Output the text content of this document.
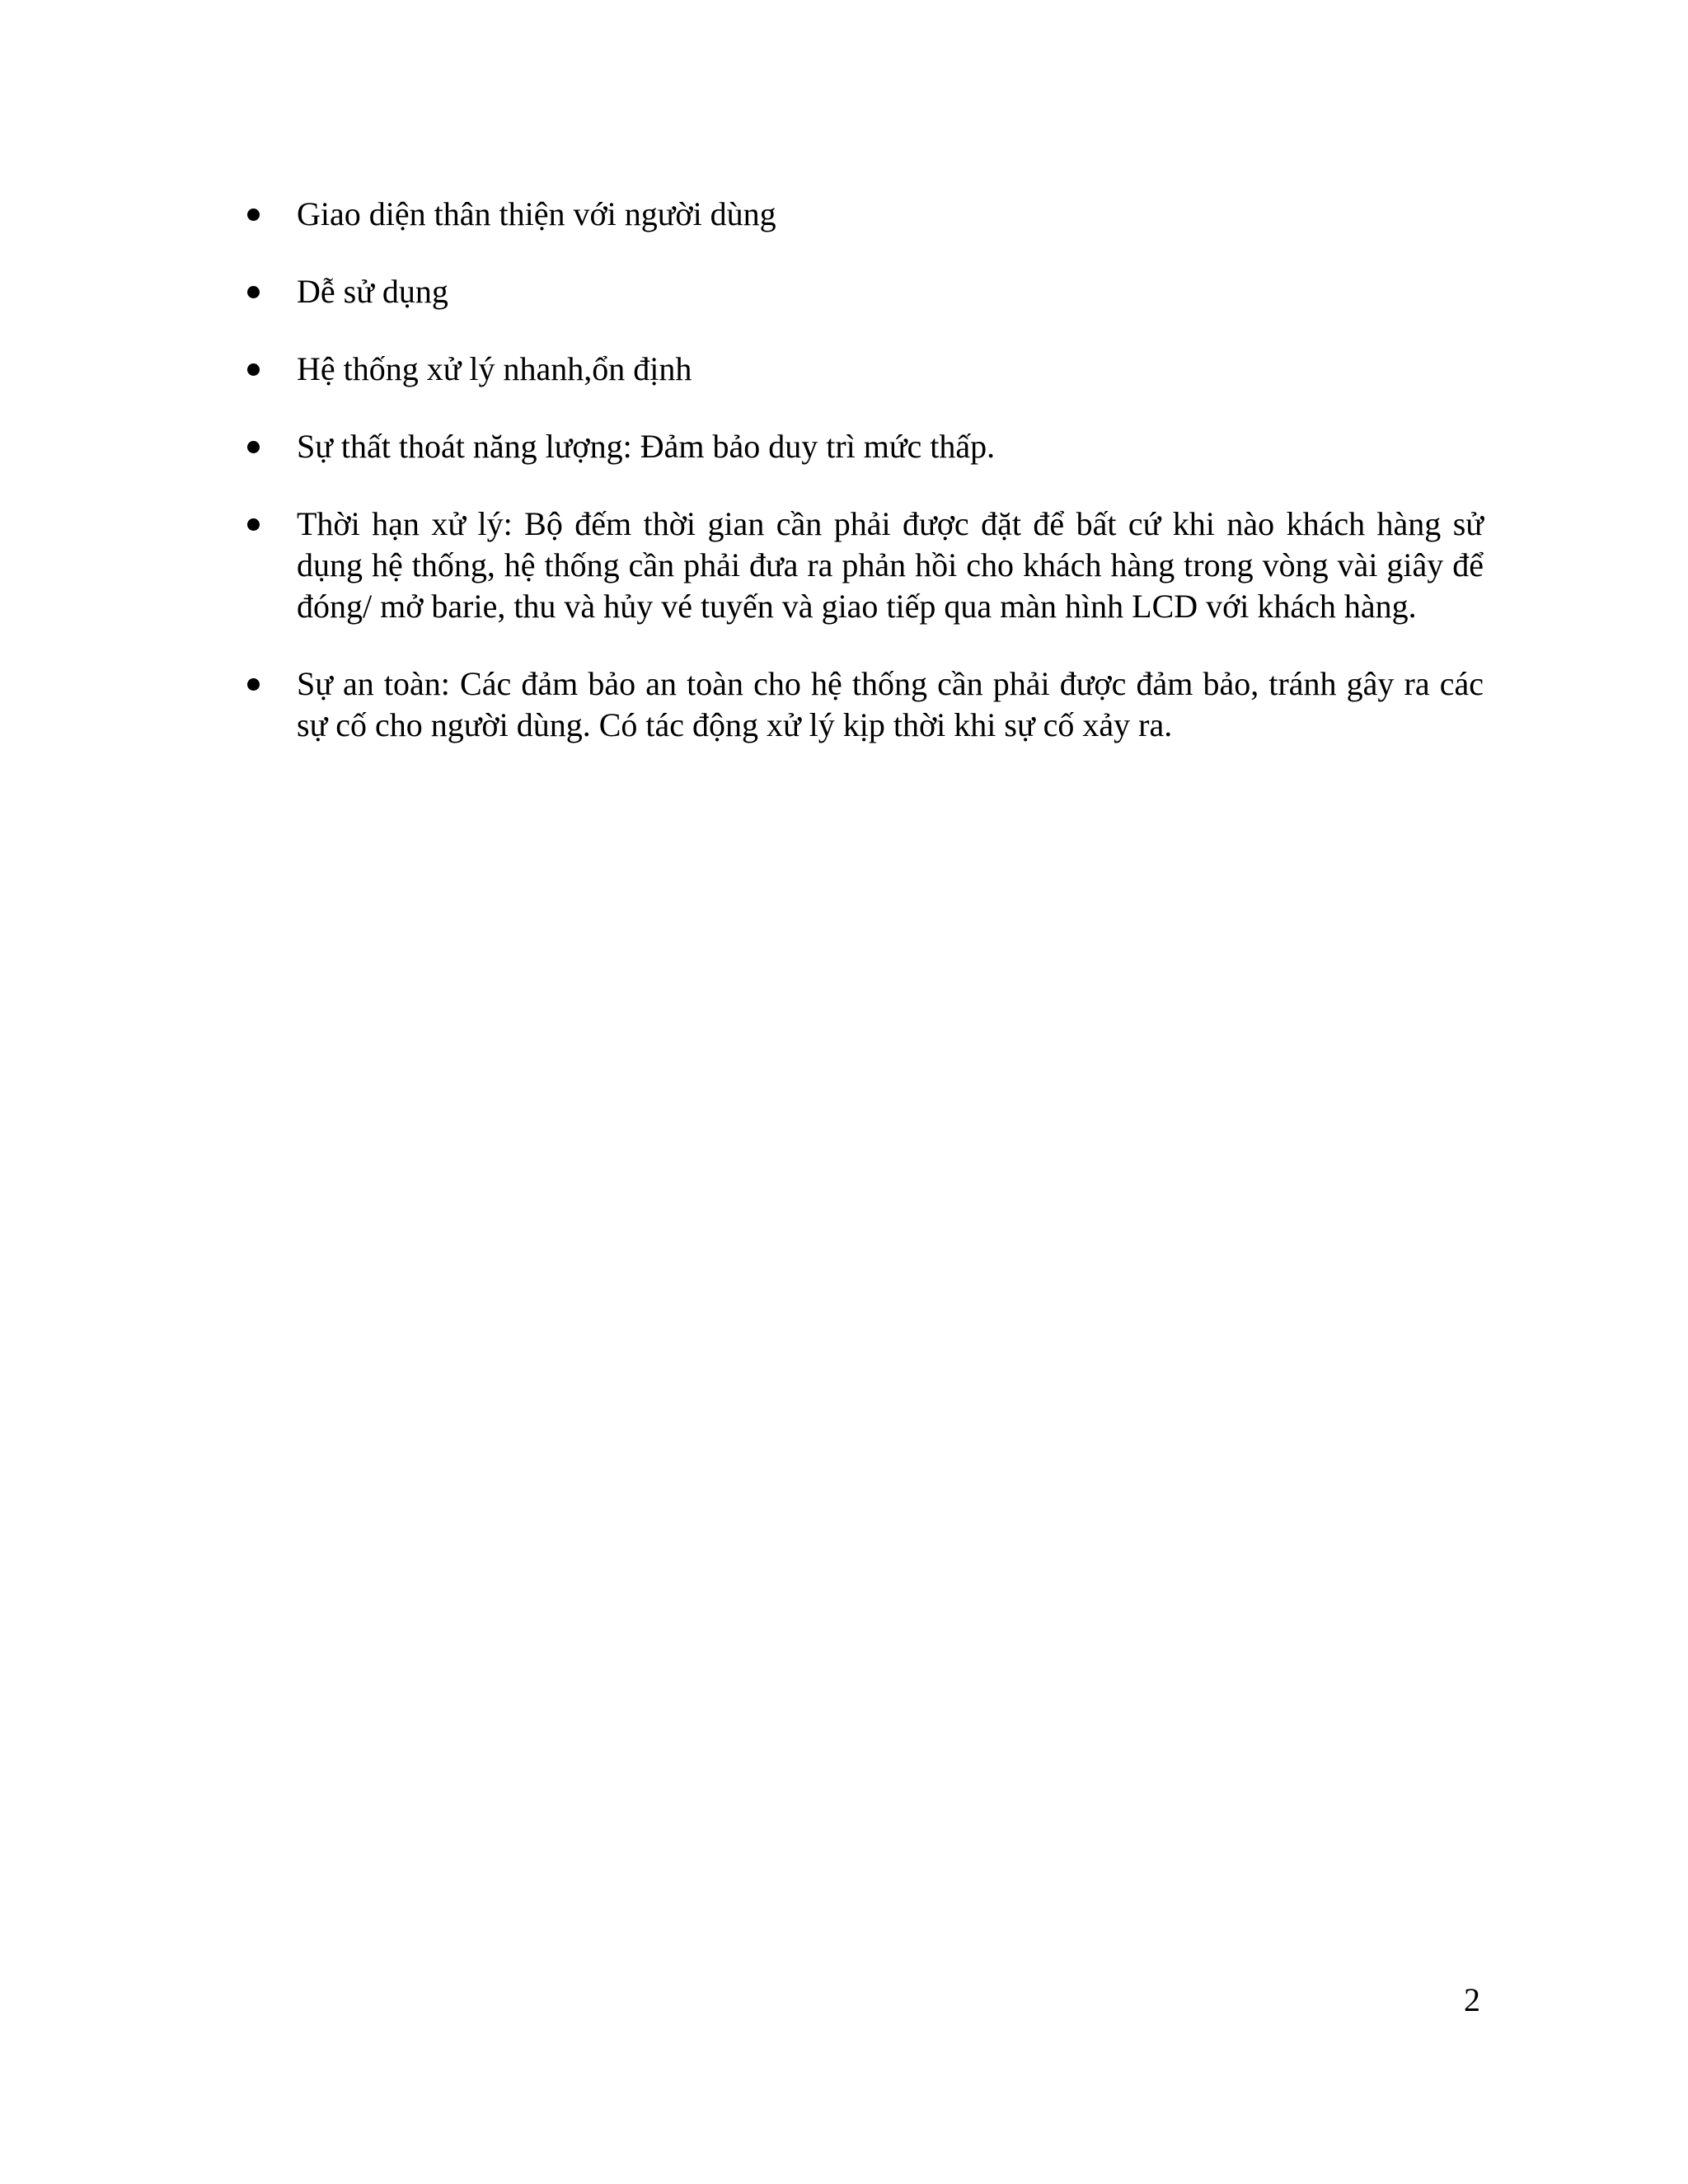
Giao diện thân thiện với người dùng
Dễ sử dụng
Hệ thống xử lý nhanh,ổn định
Sự thất thoát năng lượng: Đảm bảo duy trì mức thấp.
Thời hạn xử lý: Bộ đếm thời gian cần phải được đặt để bất cứ khi nào khách hàng sử dụng hệ thống, hệ thống cần phải đưa ra phản hồi cho khách hàng trong vòng vài giây để đóng/ mở barie, thu và hủy vé tuyến và giao tiếp qua màn hình LCD với khách hàng.
Sự an toàn: Các đảm bảo an toàn cho hệ thống cần phải được đảm bảo, tránh gây ra các sự cố cho người dùng. Có tác động xử lý kịp thời khi sự cố xảy ra.
2
